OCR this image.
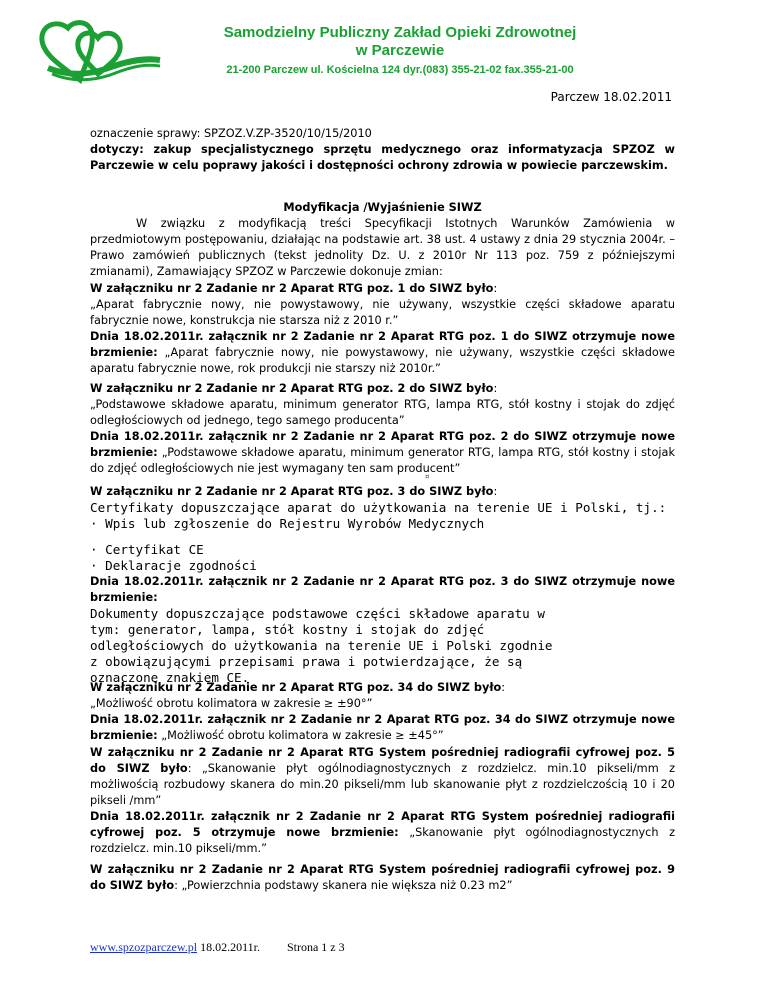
Samodzielny Publiczny Zakład Opieki Zdrowotnej
w Parczewie
21-200 Parczew ul. Kościelna 124 dyr.(083) 355-21-02 fax.355-21-00
Parczew 18.02.2011

oznaczenie sprawy: SPZOZ.V.ZP-3520/10/15/2010

dotyczy: zakup specjalistycznego sprzętu medycznego oraz informatyzacja SPZOZ w Parczewie w celu poprawy jakości i dostępności ochrony zdrowia w powiecie parczewskim.

Modyfikacja /Wyjaśnienie SIWZ

W związku z modyfikacją treści Specyfikacji Istotnych Warunków Zamówienia w przedmiotowym postępowaniu, działając na podstawie art. 38 ust. 4 ustawy z dnia 29 stycznia 2004r. – Prawo zamówień publicznych (tekst jednolity Dz. U. z 2010r Nr 113 poz. 759 z późniejszymi zmianami), Zamawiający SPZOZ w Parczewie dokonuje zmian:

W załączniku nr 2 Zadanie nr 2 Aparat RTG poz. 1 do SIWZ było:

„Aparat fabrycznie nowy, nie powystawowy, nie używany, wszystkie części składowe aparatu fabrycznie nowe, konstrukcja nie starsza niż z 2010 r.”

Dnia 18.02.2011r. załącznik nr 2 Zadanie nr 2 Aparat RTG poz. 1 do SIWZ otrzymuje nowe brzmienie: „Aparat fabrycznie nowy, nie powystawowy, nie używany, wszystkie części składowe aparatu fabrycznie nowe, rok produkcji nie starszy niż 2010r.”

W załączniku nr 2 Zadanie nr 2 Aparat RTG poz. 2 do SIWZ było:

„Podstawowe składowe aparatu, minimum generator RTG, lampa RTG, stół kostny i stojak do zdjęć odległościowych od jednego, tego samego producenta”

Dnia 18.02.2011r. załącznik nr 2 Zadanie nr 2 Aparat RTG poz. 2 do SIWZ otrzymuje nowe brzmienie: „Podstawowe składowe aparatu, minimum generator RTG, lampa RTG, stół kostny i stojak do zdjęć odległościowych nie jest wymagany ten sam producent”

¤

W załączniku nr 2 Zadanie nr 2 Aparat RTG poz. 3 do SIWZ było:

Certyfikaty dopuszczające aparat do użytkowania na terenie UE i Polski, tj.:

· Wpis lub zgłoszenie do Rejestru Wyrobów Medycznych

· Certyfikat CE

· Deklaracje zgodności

Dnia 18.02.2011r. załącznik nr 2 Zadanie nr 2 Aparat RTG poz. 3 do SIWZ otrzymuje nowe brzmienie:

Dokumenty dopuszczające podstawowe części składowe aparatu w tym: generator, lampa, stół kostny i stojak do zdjęć odległościowych do użytkowania na terenie UE i Polski zgodnie z obowiązującymi przepisami prawa i potwierdzające, że są oznaczone znakiem CE.

W załączniku nr 2 Zadanie nr 2 Aparat RTG poz. 34 do SIWZ było:

„Możliwość obrotu kolimatora w zakresie ≥ ±90°”

Dnia 18.02.2011r. załącznik nr 2 Zadanie nr 2 Aparat RTG poz. 34 do SIWZ otrzymuje nowe brzmienie: „Możliwość obrotu kolimatora w zakresie ≥ ±45°”

W załączniku nr 2 Zadanie nr 2 Aparat RTG System pośredniej radiografii cyfrowej poz. 5 do SIWZ było: „Skanowanie płyt ogólnodiagnostycznych z rozdzielcz. min.10 pikseli/mm z możliwością rozbudowy skanera do min.20 pikseli/mm lub skanowanie płyt z rozdzielczością 10 i 20 pikseli /mm”

Dnia 18.02.2011r. załącznik nr 2 Zadanie nr 2 Aparat RTG System pośredniej radiografii cyfrowej poz. 5 otrzymuje nowe brzmienie: „Skanowanie płyt ogólnodiagnostycznych z rozdzielcz. min.10 pikseli/mm.”

W załączniku nr 2 Zadanie nr 2 Aparat RTG System pośredniej radiografii cyfrowej poz. 9 do SIWZ było: „Powierzchnia podstawy skanera nie większa niż 0.23 m2”

www.spzozparczew.pl 18.02.2011r. Strona 1 z 3
